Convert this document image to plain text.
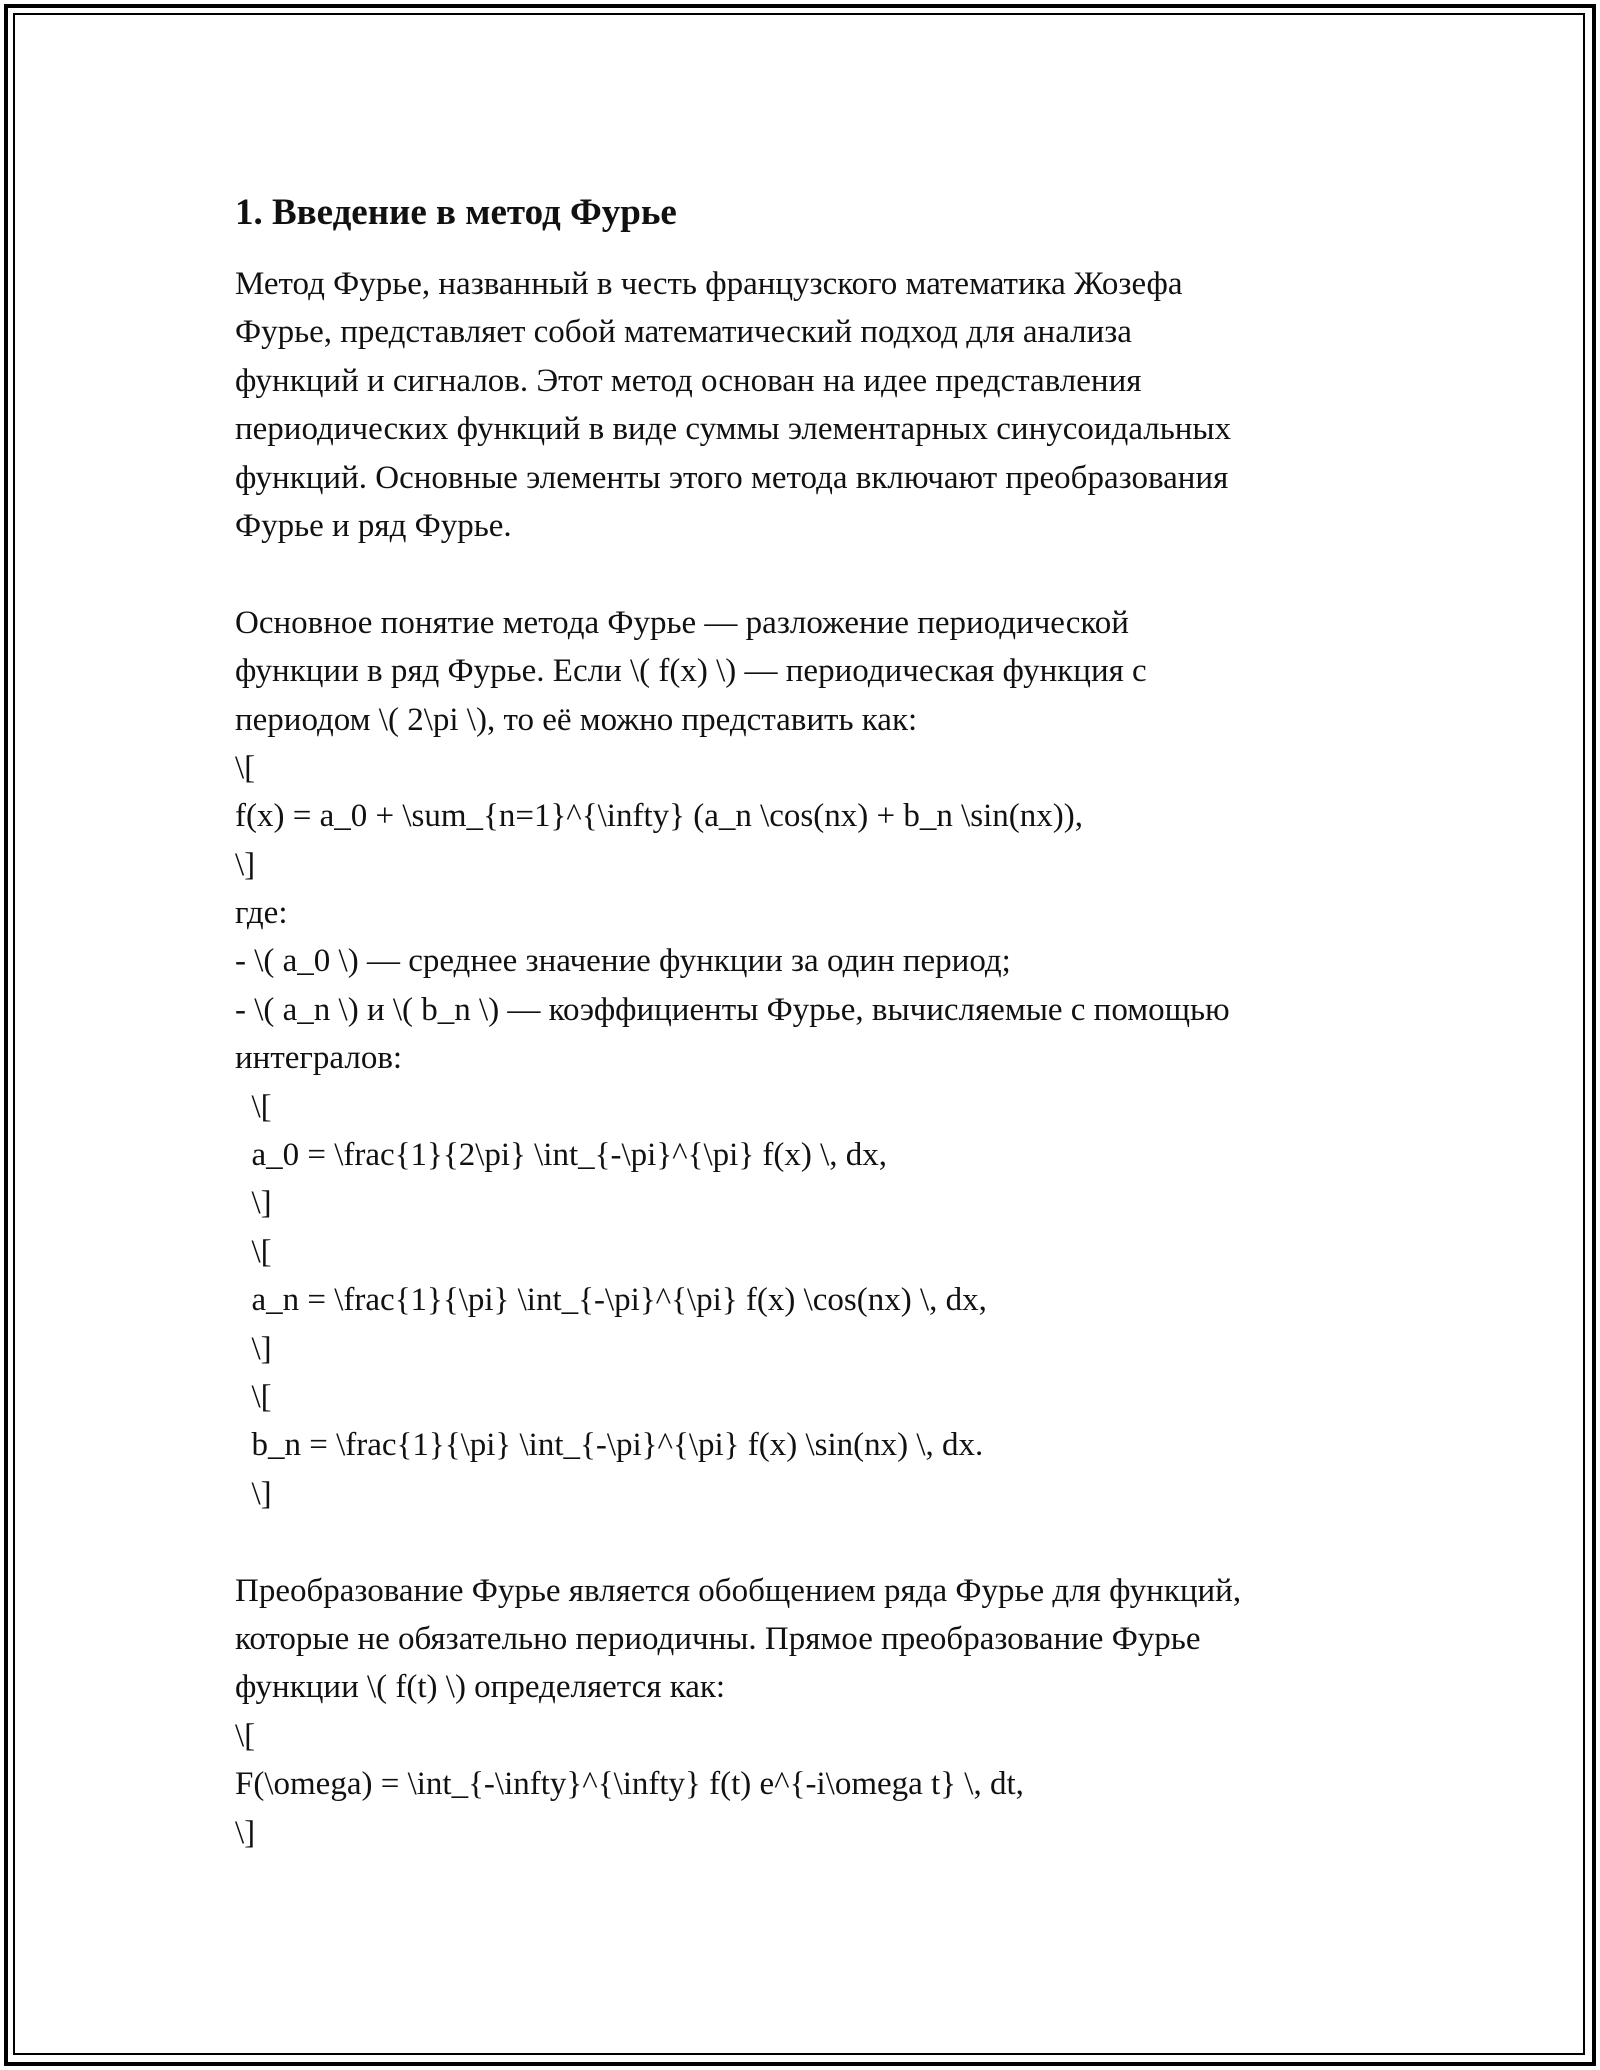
1. Введение в метод Фурье
Метод Фурье, названный в честь французского математика Жозефа
Фурье, представляет собой математический подход для анализа
функций и сигналов. Этот метод основан на идее представления
периодических функций в виде суммы элементарных синусоидальных
функций. Основные элементы этого метода включают преобразования
Фурье и ряд Фурье.
Основное понятие метода Фурье — разложение периодической
функции в ряд Фурье. Если \( f(x) \) — периодическая функция с
периодом \( 2\pi \), то её можно представить как:
\[
f(x) = a_0 + \sum_{n=1}^{\infty} (a_n \cos(nx) + b_n \sin(nx)),
\]
где:
- \( a_0 \) — среднее значение функции за один период;
- \( a_n \) и \( b_n \) — коэффициенты Фурье, вычисляемые с помощью
интегралов:
\[
a_0 = \frac{1}{2\pi} \int_{-\pi}^{\pi} f(x) \, dx,
\]
\[
a_n = \frac{1}{\pi} \int_{-\pi}^{\pi} f(x) \cos(nx) \, dx,
\]
\[
b_n = \frac{1}{\pi} \int_{-\pi}^{\pi} f(x) \sin(nx) \, dx.
\]
Преобразование Фурье является обобщением ряда Фурье для функций,
которые не обязательно периодичны. Прямое преобразование Фурье
функции \( f(t) \) определяется как:
\[
F(\omega) = \int_{-\infty}^{\infty} f(t) e^{-i\omega t} \, dt,
\]
